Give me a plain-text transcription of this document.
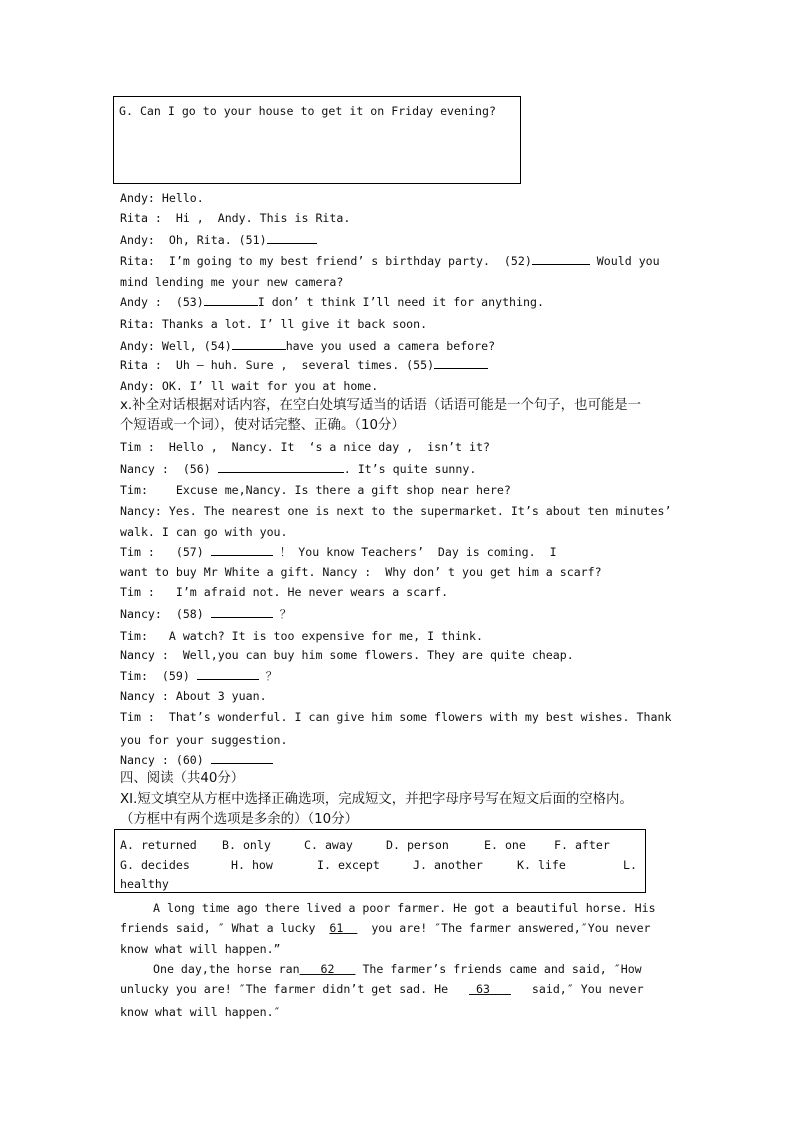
G. Can I go to your house to get it on Friday evening?
Andy: Hello.
Rita :  Hi ,  Andy. This is Rita.
Andy:  Oh, Rita. (51)
Rita:  I’m going to my best friend’ s birthday party.  (52)	Would you
mind lending me your new camera?
Andy :  (53)	I don’ t think I’ll need it for anything.
Rita: Thanks a lot. I’ ll give it back soon.
Andy: Well, (54)	have you used a camera before?
Rita :  Uh — huh. Sure ,  several times. (55)
Andy: OK. I’ ll wait for you at home.
x.补全对话根据对话内容，在空白处填写适当的话语（话语可能是一个句子，也可能是一
个短语或一个词），使对话完整、正确。（10分）
Tim :  Hello ,  Nancy. It  ‘s a nice day ,  isn’t it?
Nancy :  (56)	. It’s quite sunny.
Tim:    Excuse me,Nancy. Is there a gift shop near here?
Nancy: Yes. The nearest one is next to the supermarket. It’s about ten minutes’
walk. I can go with you.
Tim :   (57)	！ You know Teachers’  Day is coming.  I
want to buy Mr White a gift. Nancy :  Why don’ t you get him a scarf?
Tim :   I’m afraid not. He never wears a scarf.
Nancy:  (58)	？
Tim:   A watch? It is too expensive for me, I think.
Nancy :  Well,you can buy him some flowers. They are quite cheap.
Tim:  (59)	？
Nancy : About 3 yuan.
Tim :  That’s wonderful. I can give him some flowers with my best wishes. Thank
you for your suggestion.
Nancy : (60)
四、阅读（共40分）
XI.短文填空从方框中选择正确选项，完成短文，并把字母序号写在短文后面的空格内。
（方框中有两个选项是多余的）（10分）
A. returned B. only	C. away	D. person	E. one F. after
G. decides	H. how	I. except	J. another	K. life	L.
healthy
A long time ago there lived a poor farmer. He got a beautiful horse. His
friends said, ″ What a lucky 61 you are! ″The farmer answered,″You never
know what will happen.”
One day,the horse ran 62 The farmer’s friends came and said, ″How
unlucky you are! ″The farmer didn’t get sad. He 63	said,″ You never
know what will happen.″
